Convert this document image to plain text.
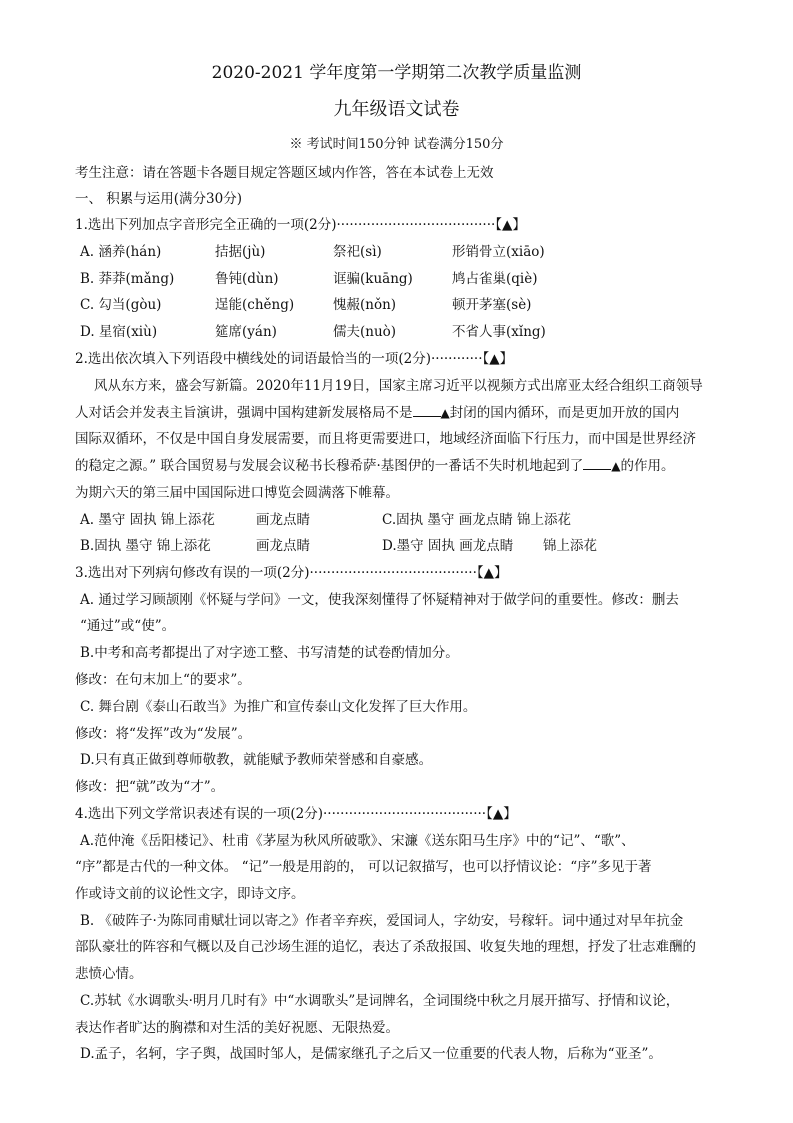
2020-2021 学年度第一学期第二次教学质量监测
九年级语文试卷
※ 考试时间150分钟 试卷满分150分
考生注意：请在答题卡各题目规定答题区域内作答，答在本试卷上无效
一、 积累与运用(满分30分)
1.选出下列加点字音形完全正确的一项(2分)·····································【▲】
A. 涵养(hán)	拮据(jù)	祭祀(sì)	形销骨立(xiāo)
B. 莽莽(mǎng)	鲁钝(dùn)	诓骗(kuāng)	鸠占雀巢(qiè)
C. 勾当(gòu)	逞能(chěng)	愧赧(nǒn)	顿开茅塞(sè)
D. 星宿(xiù)	筵席(yán)	儒夫(nuò)	不省人事(xǐng)
2.选出依次填入下列语段中横线处的词语最恰当的一项(2分)············【▲】
风从东方来，盛会写新篇。2020年11月19日，国家主席习近平以视频方式出席亚太经合组织工商领导
人对话会并发表主旨演讲，强调中国构建新发展格局不是 ▲封闭的国内循环，而是更加开放的国内
国际双循环，不仅是中国自身发展需要，而且将更需要进口，地域经济面临下行压力，而中国是世界经济
的稳定之源。” 联合国贸易与发展会议秘书长穆希萨·基图伊的一番话不失时机地起到了 ▲的作用。
为期六天的第三届中国国际进口博览会圆满落下帷幕。
A. 墨守 固执 锦上添花	画龙点睛	C.固执 墨守 画龙点睛 锦上添花
B.固执 墨守 锦上添花	画龙点睛	D.墨守 固执 画龙点睛 锦上添花
3.选出对下列病句修改有误的一项(2分)·······································【▲】
A. 通过学习顾颉刚《怀疑与学问》一文，使我深刻懂得了怀疑精神对于做学问的重要性。修改：删去
“通过”或“使”。
B.中考和高考都提出了对字迹工整、书写清楚的试卷酌情加分。
修改：在句末加上“的要求”。
C. 舞台剧《泰山石敢当》为推广和宣传泰山文化发挥了巨大作用。
修改：将“发挥”改为“发展”。
D.只有真正做到尊师敬教，就能赋予教师荣誉感和自豪感。
修改：把“就”改为“才”。
4.选出下列文学常识表述有误的一项(2分)······································【▲】
A.范仲淹《岳阳楼记》、杜甫《茅屋为秋风所破歌》、宋濂《送东阳马生序》中的“记”、“歌”、
“序”都是古代的一种文体。 “记”一般是用韵的， 可以记叙描写，也可以抒情议论：“序”多见于著
作或诗文前的议论性文字，即诗文序。
B. 《破阵子·为陈同甫赋壮词以寄之》作者辛弃疾，爱国词人，字幼安，号稼轩。词中通过对早年抗金
部队豪壮的阵容和气概以及自己沙场生涯的追忆，表达了杀敌报国、收复失地的理想，抒发了壮志难酬的
悲愤心情。
C.苏轼《水调歌头·明月几时有》中“水调歌头”是词牌名，全词围绕中秋之月展开描写、抒情和议论，
表达作者旷达的胸襟和对生活的美好祝愿、无限热爱。
D.孟子，名轲，字子舆，战国时邹人，是儒家继孔子之后又一位重要的代表人物，后称为“亚圣”。
